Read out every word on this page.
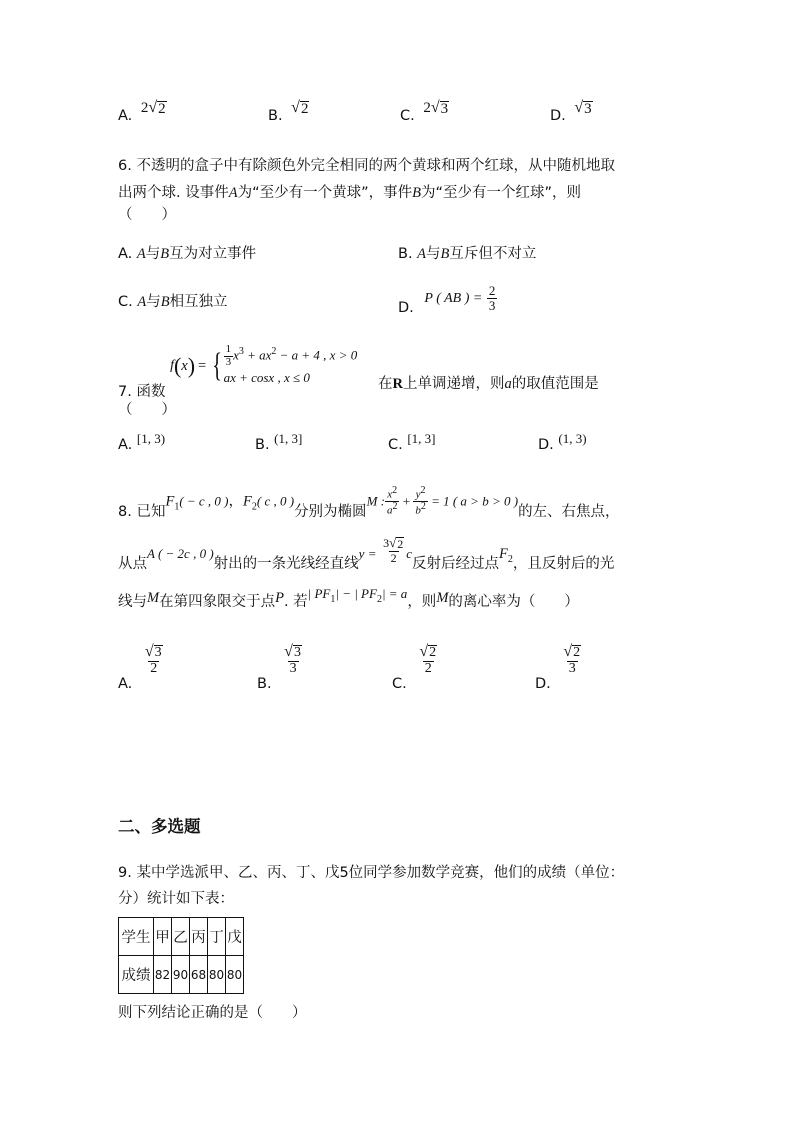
A. 2 √ 2	B. √ 2	C. 2 √ 3	D. √ 3
6. 不透明的盒子中有除颜色外完全相同的两个黄球和两个红球，从中随机地取
出两个球. 设事件A为“至少有一个黄球”，事件B为“至少有一个红球”，则
（　　）
A. A与B互为对立事件	B. A与B互斥但不对立
C. A与B相互独立	D. P ( AB ) = $\frac{2}{3}$
7. 函数
f ( x ) = { $\frac{1}{3} x^3 + ax^2 - a + 4$ , x > 0
ax + cosx , x ≤ 0	在R上单调递增，则a的取值范围是
（　　）
A. [1, 3)	B. (1, 3]	C. [1, 3]	D. (1, 3)
8. 已知$F_1( - c$ , 0 )，$F_2$( c , 0 )分别为椭圆M : $\frac{x^2}{a^2} + \frac{y^2}{b^2} = 1$ ( a > b > 0 )的左、右焦点，
从点A ( − 2c , 0 )射出的一条光线经直线$y = \frac{3 √ 2}{2}$ c反射后经过点$F_2$，且反射后的光
线与M在第四象限交于点P. 若| $PF_1|$ − | $PF_2| = a$，则M的离心率为（　　）
A.
$\frac{√ 3}{2}$
B.
$\frac{√ 3}{3}$
C.
$\frac{√ 2}{2}$
D.
$\frac{√ 2}{3}$
二、多选题
9. 某中学选派甲、乙、丙、丁、戊5位同学参加数学竞赛，他们的成绩（单位：
分）统计如下表：
学生	甲	乙	丙	丁	戊
成绩	82	90	68	80	80
则下列结论正确的是（　　）
